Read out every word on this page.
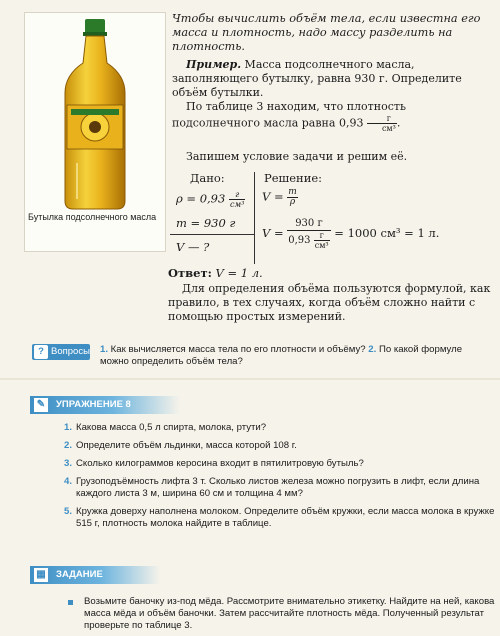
Бутылка подсолнечного масла
Чтобы вычислить объём тела, если известна его масса и плотность, надо массу разделить на плотность.
Пример. Масса подсолнечного масла, заполняющего бутылку, равна 930 г. Определите объём бутылки.
По таблице 3 находим, что плотность подсолнечного масла равна $0,93 \frac{г}{\text{см³}}$ .
Запишем условие задачи и решим её.
Дано:	Решение:
$\rho = 0,93 \frac{г}{\text{см³}}$
m = 930 г
V — ?
$V = \frac{m}{\rho}$
$V = \frac{930 г}{0,93 \frac{г}{\text{см³}}} = 1000$ см³ = 1 л.
Ответ: V = 1 л.
Для определения объёма пользуются формулой, как правило, в тех случаях, когда объём сложно найти с помощью простых измерений.
? Вопросы 1. Как вычисляется масса тела по его плотности и объёму? 2. По какой формуле можно определить объём тела?
✎ УПРАЖНЕНИЕ 8
1. Какова масса 0,5 л спирта, молока, ртути?
2. Определите объём льдинки, масса которой 108 г.
3. Сколько килограммов керосина входит в пятилитровую бутыль?
4. Грузоподъёмность лифта 3 т. Сколько листов железа можно погрузить в лифт, если длина каждого листа 3 м, ширина 60 см и толщина 4 мм?
5. Кружка доверху наполнена молоком. Определите объём кружки, если масса молока в кружке 515 г, плотность молока найдите в таблице.
▦ ЗАДАНИЕ
Возьмите баночку из-под мёда. Рассмотрите внимательно этикетку. Найдите на ней, какова масса мёда и объём баночки. Затем рассчитайте плотность мёда. Полученный результат проверьте по таблице 3.
